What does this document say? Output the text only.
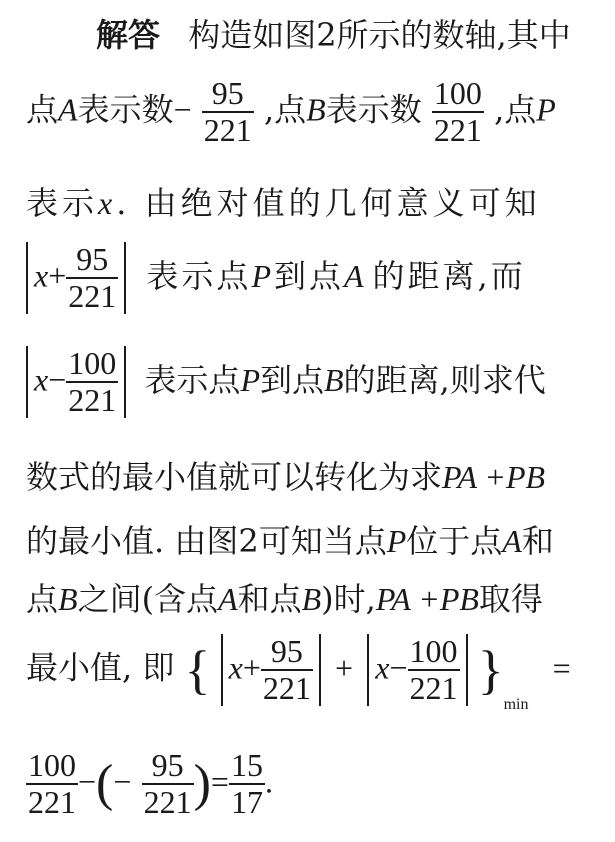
解答 构造如图2所示的数轴,其中
点A表示数− $\frac{95}{221}$ ,点B表示数 $\frac{100}{221}$ ,点P
表示x. 由绝对值的几何意义可知
$x+ \frac{95}{221}$ 表示点P到点A 的距离,而
$x- \frac{100}{221}$ 表示点P到点B的距离,则求代
数式的最小值就可以转化为求PA +PB
的最小值. 由图2可知当点P位于点A和
点B之间(含点A和点B)时,PA +PB取得
最小值, 即 { $x+ \frac{95}{221} + x- \frac{100}{221} \}_{min}$ =
$\frac{100}{221}$ −(− $\frac{95}{221}$ )= $\frac{15}{17}$ .
